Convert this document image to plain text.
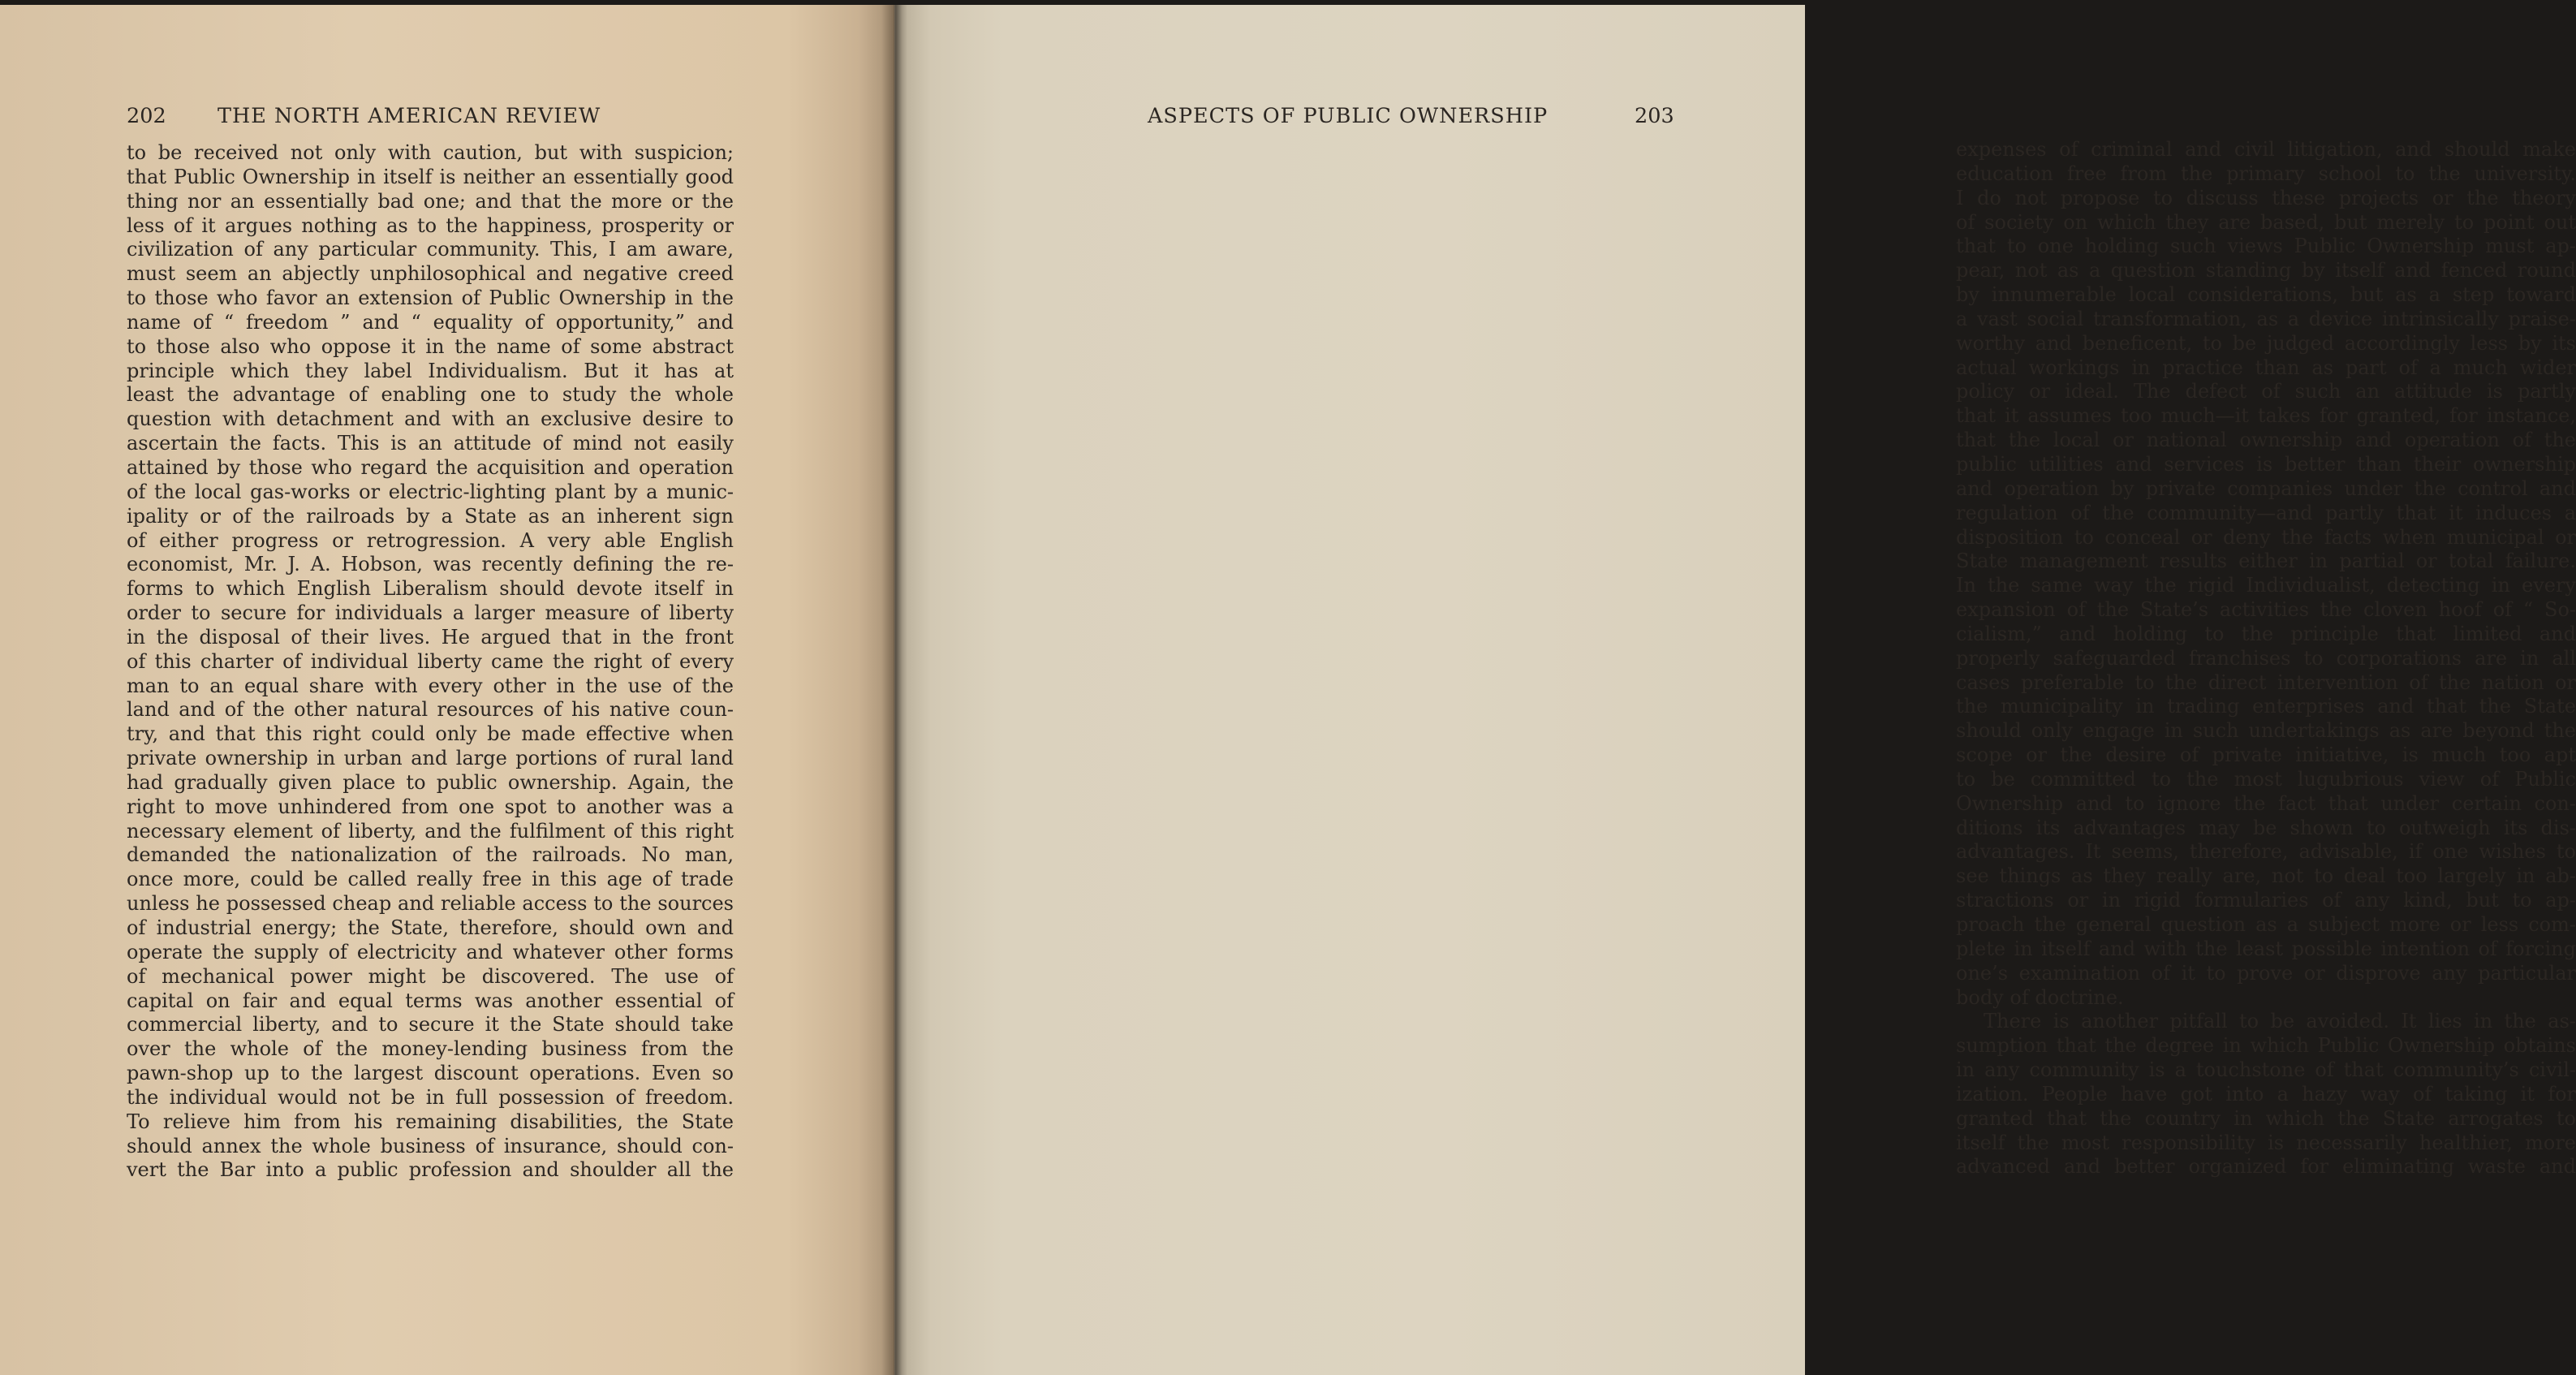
202 THE NORTH AMERICAN REVIEW
to be received not only with caution, but with suspicion;
that Public Ownership in itself is neither an essentially good
thing nor an essentially bad one; and that the more or the
less of it argues nothing as to the happiness, prosperity or
civilization of any particular community. This, I am aware,
must seem an abjectly unphilosophical and negative creed
to those who favor an extension of Public Ownership in the
name of “ freedom ” and “ equality of opportunity,” and
to those also who oppose it in the name of some abstract
principle which they label Individualism. But it has at
least the advantage of enabling one to study the whole
question with detachment and with an exclusive desire to
ascertain the facts. This is an attitude of mind not easily
attained by those who regard the acquisition and operation
of the local gas-works or electric-lighting plant by a munic-
ipality or of the railroads by a State as an inherent sign
of either progress or retrogression. A very able English
economist, Mr. J. A. Hobson, was recently defining the re-
forms to which English Liberalism should devote itself in
order to secure for individuals a larger measure of liberty
in the disposal of their lives. He argued that in the front
of this charter of individual liberty came the right of every
man to an equal share with every other in the use of the
land and of the other natural resources of his native coun-
try, and that this right could only be made effective when
private ownership in urban and large portions of rural land
had gradually given place to public ownership. Again, the
right to move unhindered from one spot to another was a
necessary element of liberty, and the fulfilment of this right
demanded the nationalization of the railroads. No man,
once more, could be called really free in this age of trade
unless he possessed cheap and reliable access to the sources
of industrial energy; the State, therefore, should own and
operate the supply of electricity and whatever other forms
of mechanical power might be discovered. The use of
capital on fair and equal terms was another essential of
commercial liberty, and to secure it the State should take
over the whole of the money-lending business from the
pawn-shop up to the largest discount operations. Even so
the individual would not be in full possession of freedom.
To relieve him from his remaining disabilities, the State
should annex the whole business of insurance, should con-
vert the Bar into a public profession and shoulder all the
ASPECTS OF PUBLIC OWNERSHIP	203
expenses of criminal and civil litigation, and should make
education free from the primary school to the university.
I do not propose to discuss these projects or the theory
of society on which they are based, but merely to point out
that to one holding such views Public Ownership must ap-
pear, not as a question standing by itself and fenced round
by innumerable local considerations, but as a step toward
a vast social transformation, as a device intrinsically praise-
worthy and beneficent, to be judged accordingly less by its
actual workings in practice than as part of a much wider
policy or ideal. The defect of such an attitude is partly
that it assumes too much—it takes for granted, for instance,
that the local or national ownership and operation of the
public utilities and services is better than their ownership
and operation by private companies under the control and
regulation of the community—and partly that it induces a
disposition to conceal or deny the facts when municipal or
State management results either in partial or total failure.
In the same way the rigid Individualist, detecting in every
expansion of the State’s activities the cloven hoof of “ So-
cialism,” and holding to the principle that limited and
properly safeguarded franchises to corporations are in all
cases preferable to the direct intervention of the nation or
the municipality in trading enterprises and that the State
should only engage in such undertakings as are beyond the
scope or the desire of private initiative, is much too apt
to be committed to the most lugubrious view of Public
Ownership and to ignore the fact that under certain con-
ditions its advantages may be shown to outweigh its dis-
advantages. It seems, therefore, advisable, if one wishes to
see things as they really are, not to deal too largely in ab-
stractions or in rigid formularies of any kind, but to ap-
proach the general question as a subject more or less com-
plete in itself and with the least possible intention of forcing
one’s examination of it to prove or disprove any particular
body of doctrine.
There is another pitfall to be avoided. It lies in the as-
sumption that the degree in which Public Ownership obtains
in any community is a touchstone of that community’s civil-
ization. People have got into a hazy way of taking it for
granted that the country in which the State arrogates to
itself the most responsibility is necessarily healthier, more
advanced and better organized for eliminating waste and
